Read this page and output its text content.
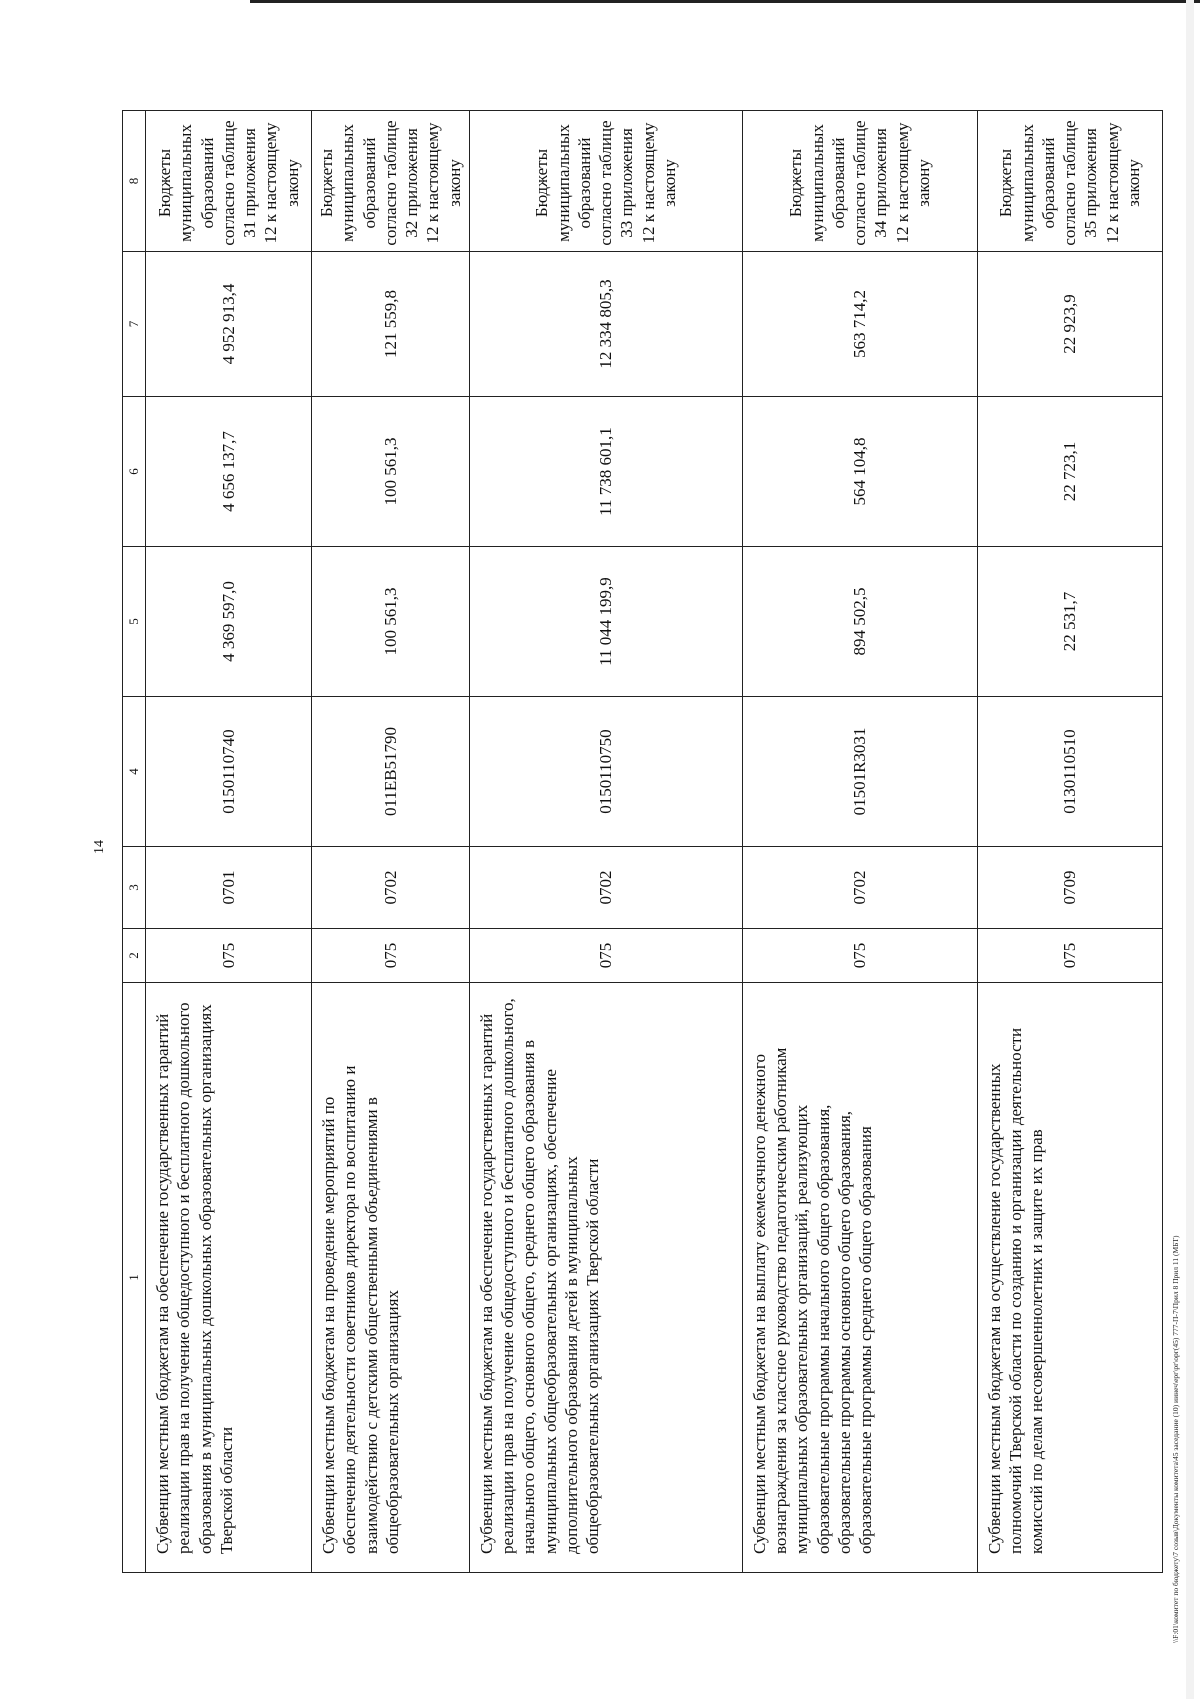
14
1	2	3	4	5	6	7	8
Субвенции местным бюджетам на обеспечение государственных гарантий реализации прав на получение общедоступного и бесплатного дошкольного образования в муниципальных дошкольных образовательных организациях Тверской области	075	0701	0150110740	4 369 597,0	4 656 137,7	4 952 913,4	Бюджеты муниципальных образований согласно таблице 31 приложения 12 к настоящему закону
Субвенции местным бюджетам на проведение мероприятий по обеспечению деятельности советников директора по воспитанию и взаимодействию с детскими общественными объединениями в общеобразовательных организациях	075	0702	011EB51790	100 561,3	100 561,3	121 559,8	Бюджеты муниципальных образований согласно таблице 32 приложения 12 к настоящему закону
Субвенции местным бюджетам на обеспечение государственных гарантий реализации прав на получение общедоступного и бесплатного дошкольного, начального общего, основного общего, среднего общего образования в муниципальных общеобразовательных организациях, обеспечение дополнительного образования детей в муниципальных общеобразовательных организациях Тверской области	075	0702	0150110750	11 044 199,9	11 738 601,1	12 334 805,3	Бюджеты муниципальных образований согласно таблице 33 приложения 12 к настоящему закону
Субвенции местным бюджетам на выплату ежемесячного денежного вознаграждения за классное руководство педагогическим работникам муниципальных образовательных организаций, реализующих образовательные программы начального общего образования, образовательные программы основного общего образования, образовательные программы среднего общего образования	075	0702	01501R3031	894 502,5	564 104,8	563 714,2	Бюджеты муниципальных образований согласно таблице 34 приложения 12 к настоящему закону
Субвенции местным бюджетам на осуществление государственных полномочий Тверской области по созданию и организации деятельности комиссий по делам несовершеннолетних и защите их прав	075	0709	0130110510	22 531,7	22 723,1	22 923,9	Бюджеты муниципальных образований согласно таблице 35 приложения 12 к настоящему закону
\\F:01\комитет по бюджету\7 созыв\Документы комитета\45 заседание (10) иинеч\ерг\рг\орг(45) 777-П-7\Прил 8 Прил 11 (МБТ)
